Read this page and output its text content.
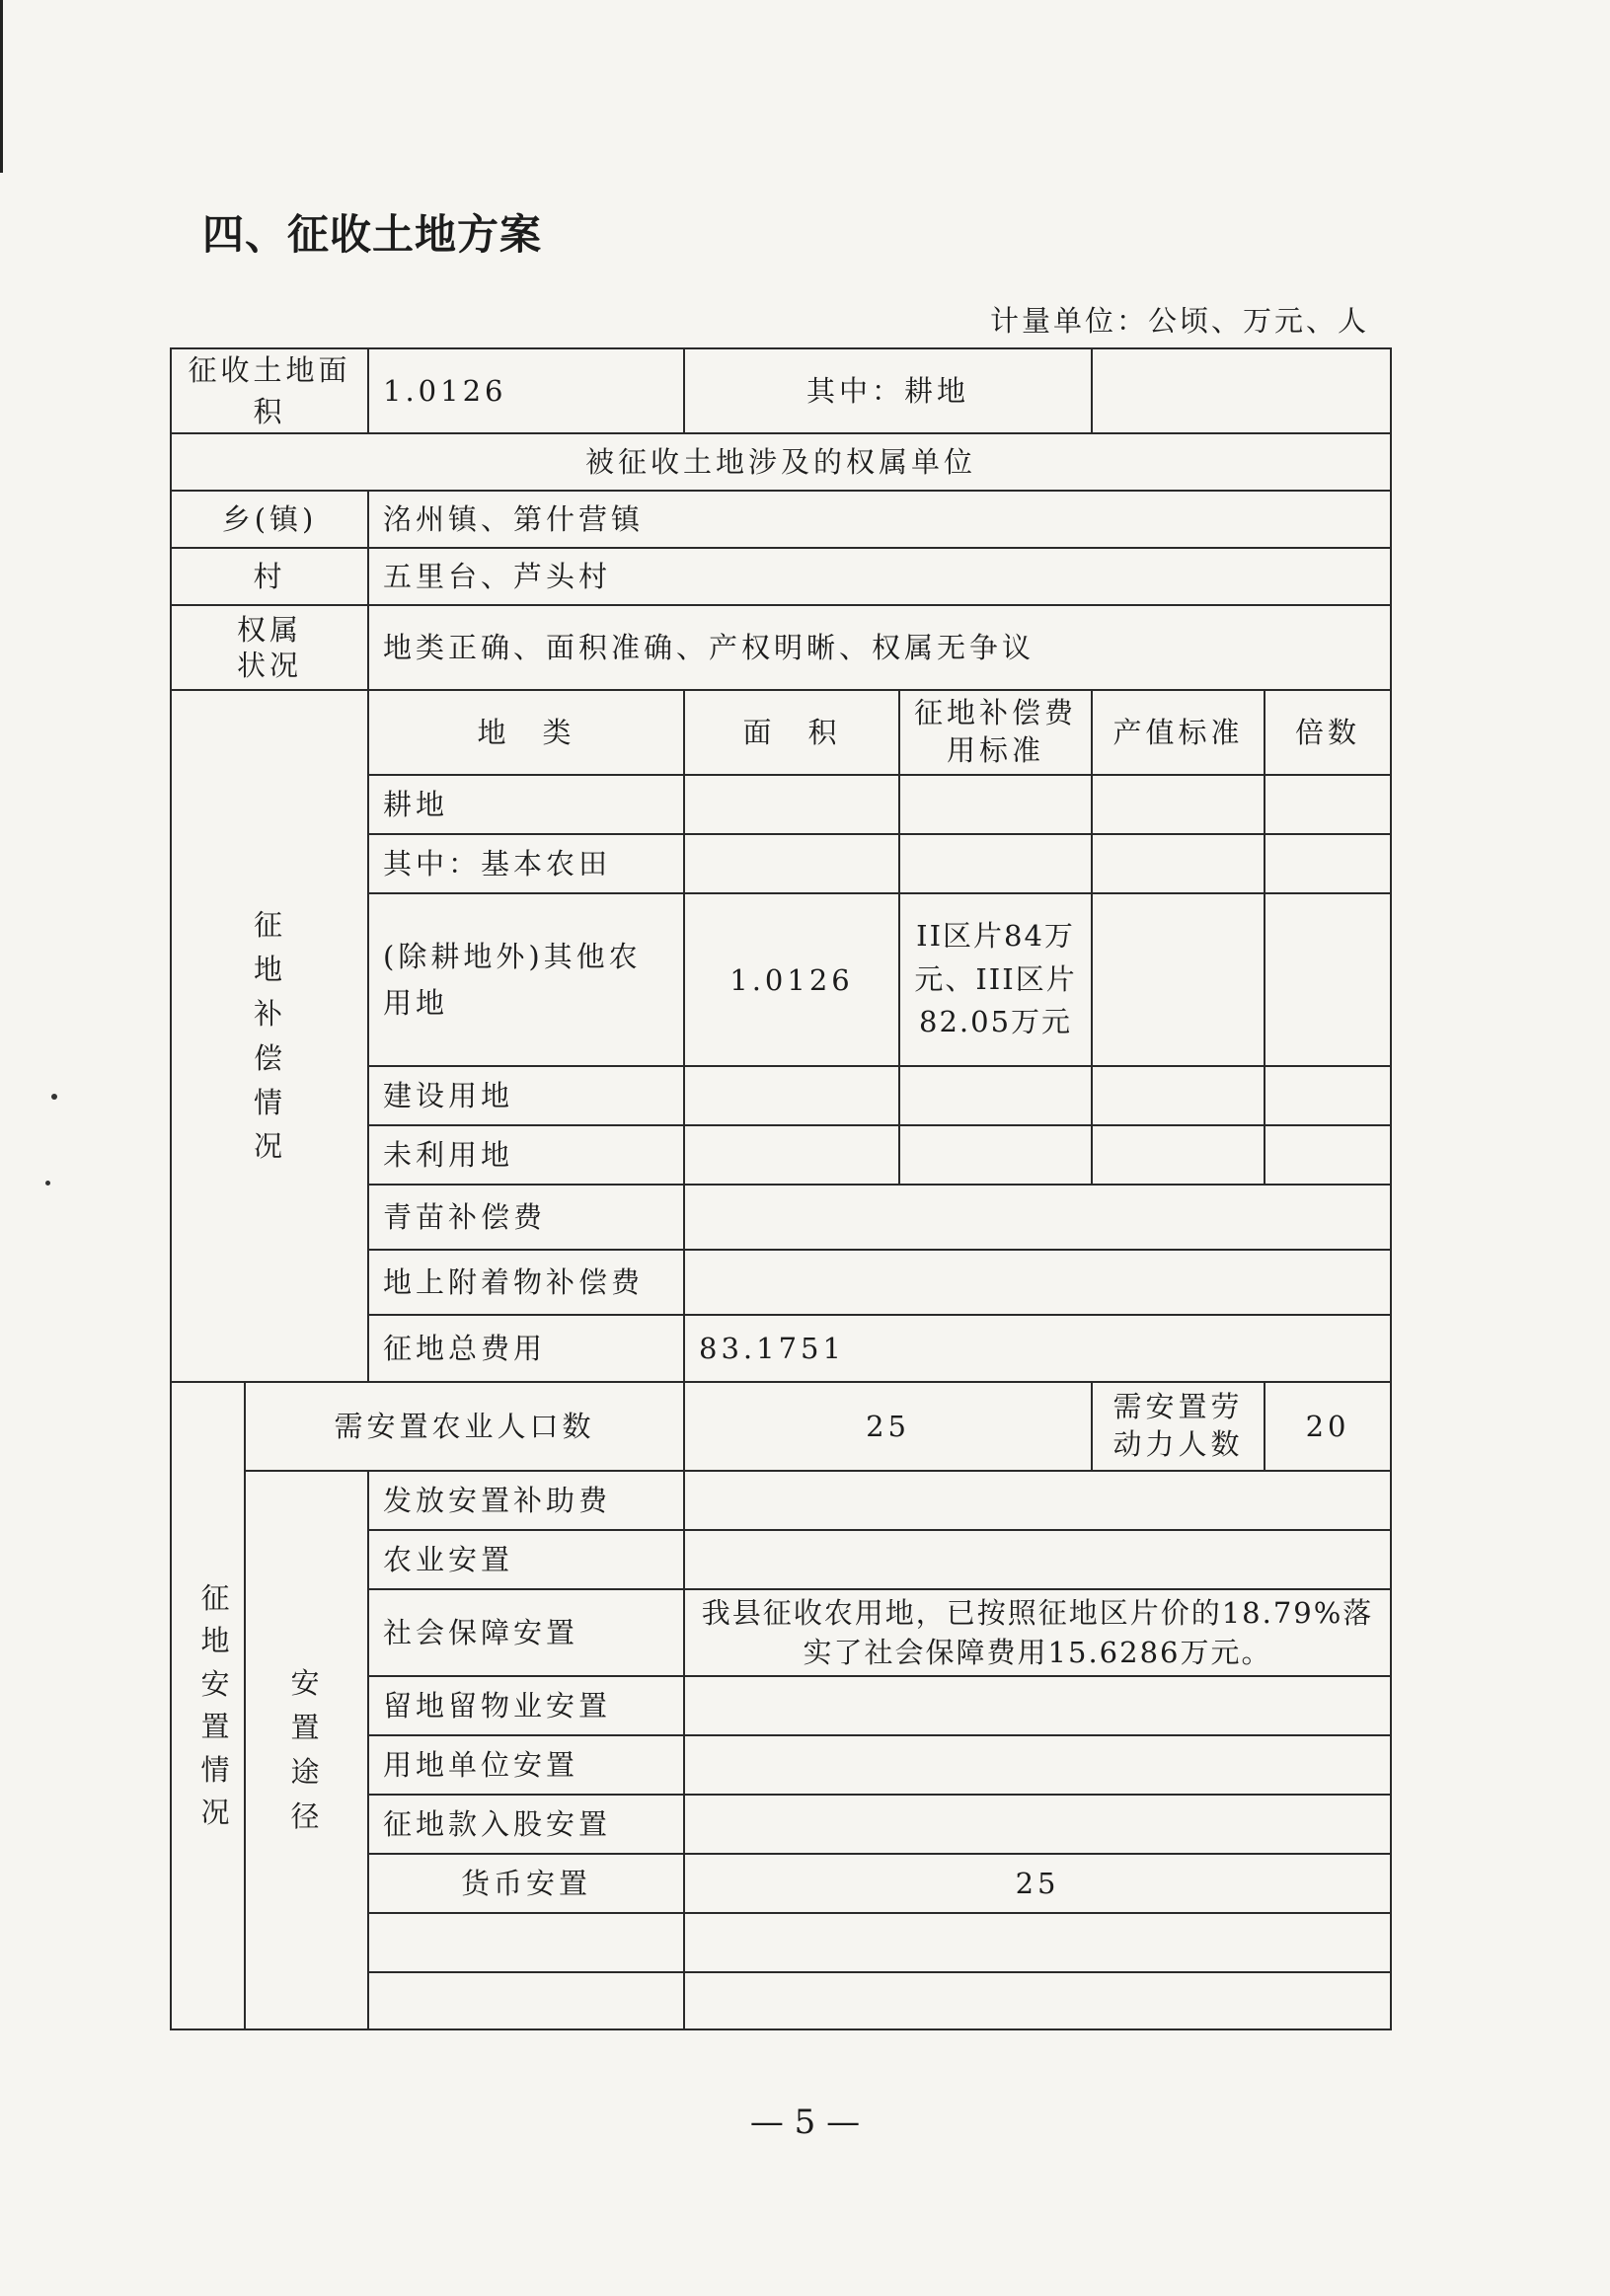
四、征收土地方案
计量单位：公顷、万元、人
征收土地面积		1.0126	其中：耕地			
被征收土地涉及的权属单位						
乡(镇)		洺州镇、第什营镇				
村		五里台、芦头村				
权属状况		地类正确、面积准确、产权明晰、权属无争议				

征地补偿情况		地　类	面　积	征地补偿费用标准	产值标准	倍数
		耕地				
		其中：基本农田				
		(除耕地外)其他农用地	1.0126	II区片84万元、III区片82.05万元		
		建设用地				
		未利用地				
		青苗补偿费				
		地上附着物补偿费				
		征地总费用	83.1751			

征地安置情况	需安置农业人口数		25		需安置劳动力人数	20

	安置途径	发放安置补助费				
		农业安置				
		社会保障安置	我县征收农用地，已按照征地区片价的18.79%落实了社会保障费用15.6286万元。			
		留地留物业安置				
		用地单位安置				
		征地款入股安置				
		货币安置	25			

— 5 —
